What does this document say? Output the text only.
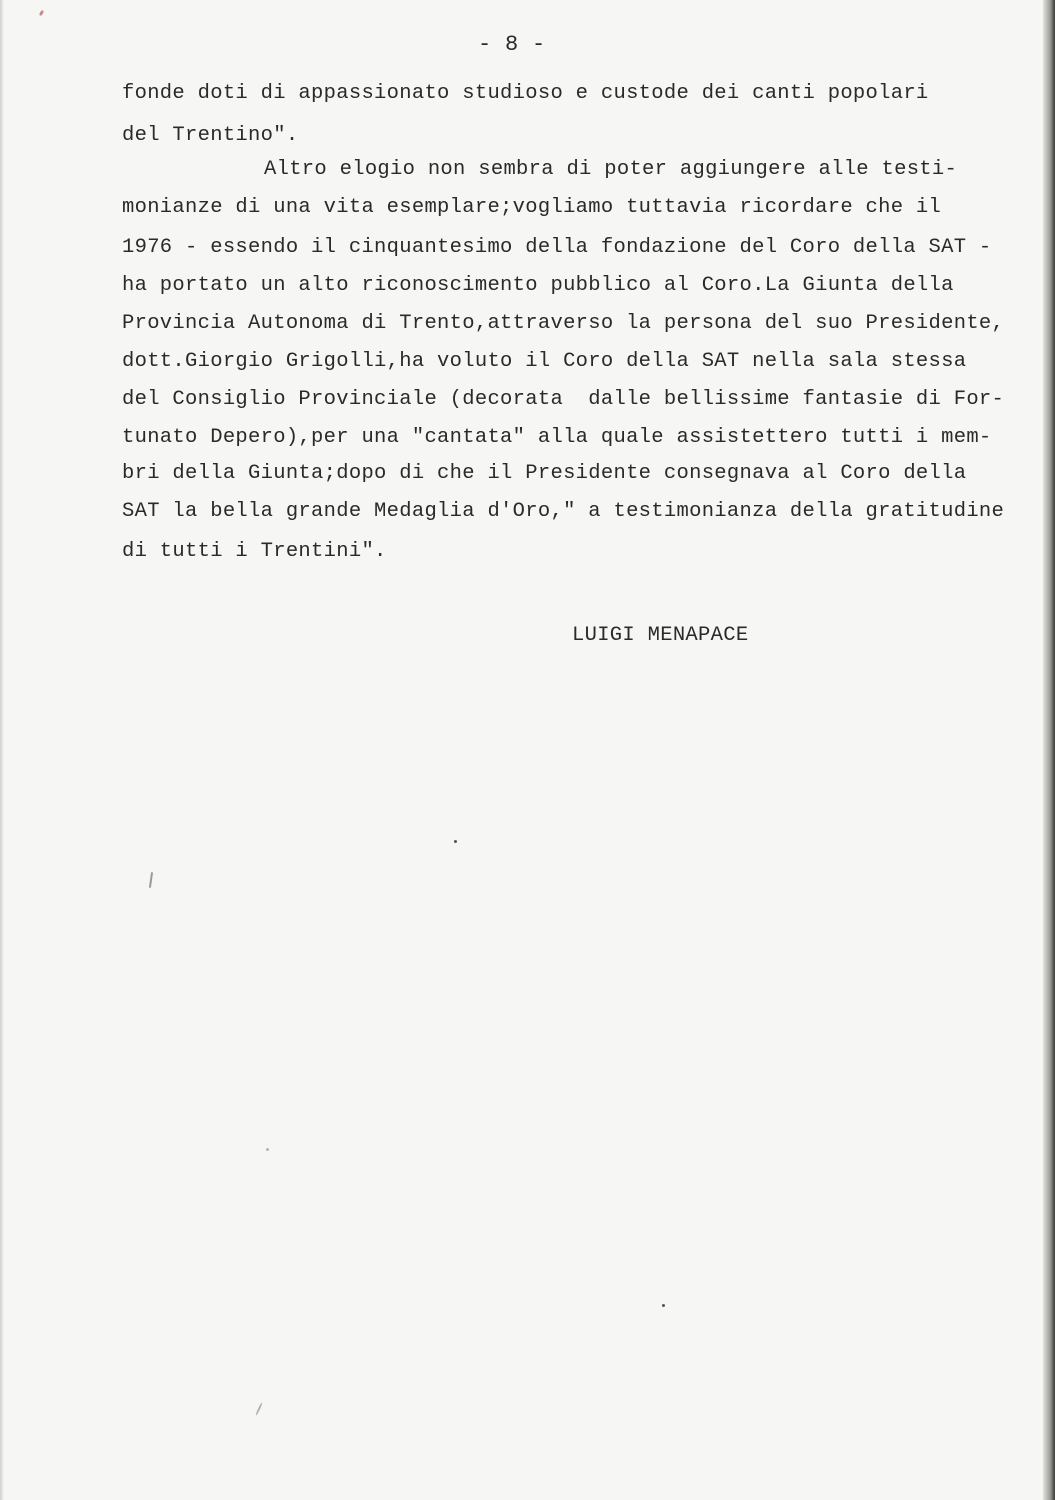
- 8 -

fonde doti di appassionato studioso e custode dei canti popolari

del Trentino".

Altro elogio non sembra di poter aggiungere alle testi-

monianze di una vita esemplare;vogliamo tuttavia ricordare che il

1976 - essendo il cinquantesimo della fondazione del Coro della SAT -

ha portato un alto riconoscimento pubblico al Coro.La Giunta della

Provincia Autonoma di Trento,attraverso la persona del suo Presidente,

dott.Giorgio Grigolli,ha voluto il Coro della SAT nella sala stessa

del Consiglio Provinciale (decorata  dalle bellissime fantasie di For-

tunato Depero),per una "cantata" alla quale assistettero tutti i mem-

bri della Giunta;dopo di che il Presidente consegnava al Coro della

SAT la bella grande Medaglia d'Oro," a testimonianza della gratitudine

di tutti i Trentini".

LUIGI MENAPACE
